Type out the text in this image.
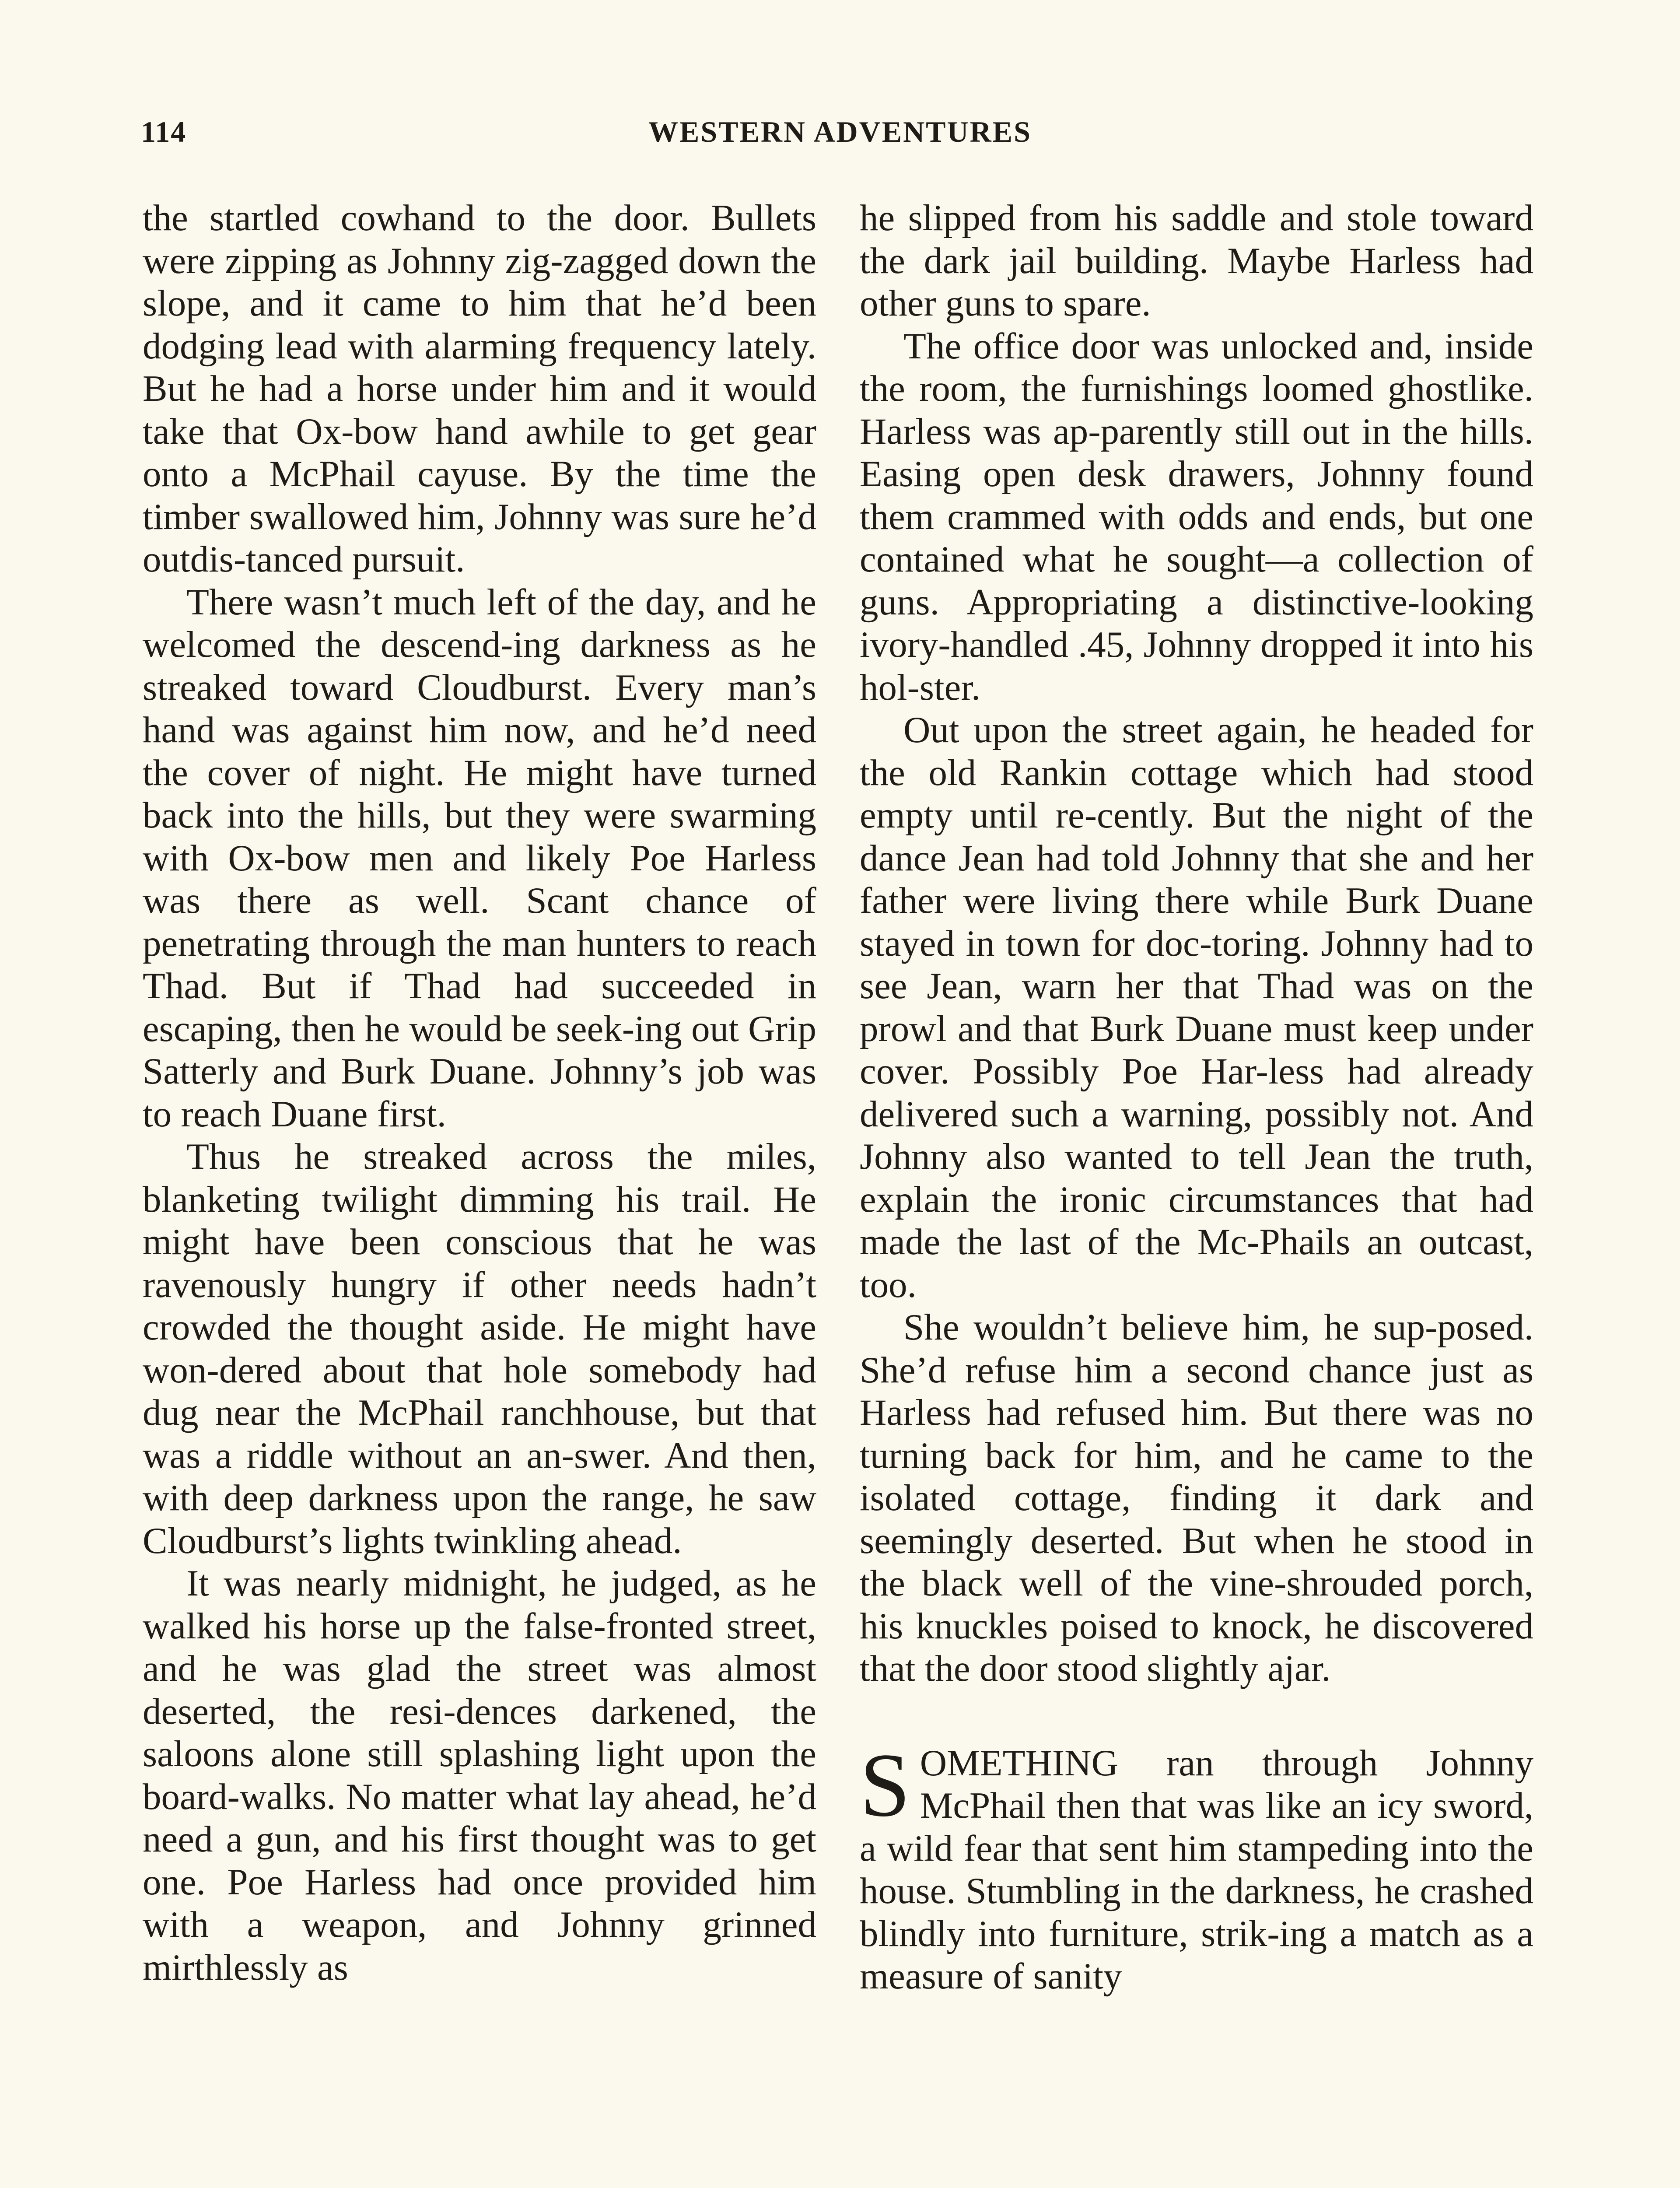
114	WESTERN ADVENTURES

the startled cowhand to the door. Bullets were zipping as Johnny zig-zagged down the slope, and it came to him that he’d been dodging lead with alarming frequency lately. But he had a horse under him and it would take that Ox-bow hand awhile to get gear onto a McPhail cayuse. By the time the timber swallowed him, Johnny was sure he’d outdis-tanced pursuit.

There wasn’t much left of the day, and he welcomed the descend-ing darkness as he streaked toward Cloudburst. Every man’s hand was against him now, and he’d need the cover of night. He might have turned back into the hills, but they were swarming with Ox-bow men and likely Poe Harless was there as well. Scant chance of penetrating through the man hunters to reach Thad. But if Thad had succeeded in escaping, then he would be seek-ing out Grip Satterly and Burk Duane. Johnny’s job was to reach Duane first.

Thus he streaked across the miles, blanketing twilight dimming his trail. He might have been conscious that he was ravenously hungry if other needs hadn’t crowded the thought aside. He might have won-dered about that hole somebody had dug near the McPhail ranchhouse, but that was a riddle without an an-swer. And then, with deep darkness upon the range, he saw Cloudburst’s lights twinkling ahead.

It was nearly midnight, he judged, as he walked his horse up the false-fronted street, and he was glad the street was almost deserted, the resi-dences darkened, the saloons alone still splashing light upon the board-walks. No matter what lay ahead, he’d need a gun, and his first thought was to get one. Poe Harless had once provided him with a weapon, and Johnny grinned mirthlessly as

he slipped from his saddle and stole toward the dark jail building. Maybe Harless had other guns to spare.

The office door was unlocked and, inside the room, the furnishings loomed ghostlike. Harless was ap-parently still out in the hills. Easing open desk drawers, Johnny found them crammed with odds and ends, but one contained what he sought—a collection of guns. Appropriating a distinctive-looking ivory-handled .45, Johnny dropped it into his hol-ster.

Out upon the street again, he headed for the old Rankin cottage which had stood empty until re-cently. But the night of the dance Jean had told Johnny that she and her father were living there while Burk Duane stayed in town for doc-toring. Johnny had to see Jean, warn her that Thad was on the prowl and that Burk Duane must keep under cover. Possibly Poe Har-less had already delivered such a warning, possibly not. And Johnny also wanted to tell Jean the truth, explain the ironic circumstances that had made the last of the Mc-Phails an outcast, too.

She wouldn’t believe him, he sup-posed. She’d refuse him a second chance just as Harless had refused him. But there was no turning back for him, and he came to the isolated cottage, finding it dark and seemingly deserted. But when he stood in the black well of the vine-shrouded porch, his knuckles poised to knock, he discovered that the door stood slightly ajar.

SOMETHING ran through Johnny McPhail then that was like an icy sword, a wild fear that sent him stampeding into the house. Stumbling in the darkness, he crashed blindly into furniture, strik-ing a match as a measure of sanity
